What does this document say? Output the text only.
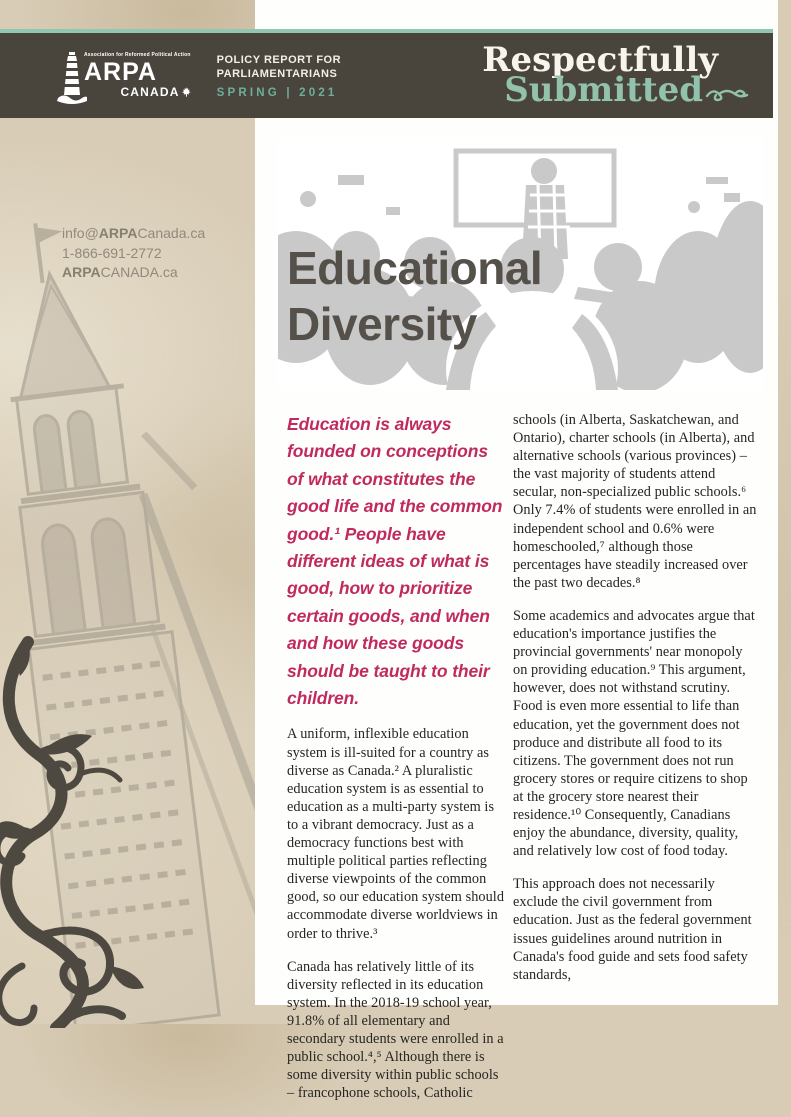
Association for Reformed Political Action
ARPA
CANADA
POLICY REPORT FOR
PARLIAMENTARIANS
SPRING | 2021
Respectfully
Submitted
info@ARPACanada.ca
1-866-691-2772
ARPACANADA.ca	Educational
Diversity

Education is always founded on conceptions of what constitutes the good life and the common good.¹ People have different ideas of what is good, how to prioritize certain goods, and when and how these goods should be taught to their children.

A uniform, inflexible education system is ill-suited for a country as diverse as Canada.² A pluralistic education system is as essential to education as a multi-party system is to a vibrant democracy. Just as a democracy functions best with multiple political parties reflecting diverse viewpoints of the common good, so our education system should accommodate diverse worldviews in order to thrive.³

Canada has relatively little of its diversity reflected in its education system. In the 2018-19 school year, 91.8% of all elementary and secondary students were enrolled in a public school.⁴,⁵ Although there is some diversity within public schools – francophone schools, Catholic

schools (in Alberta, Saskatchewan, and Ontario), charter schools (in Alberta), and alternative schools (various provinces) – the vast majority of students attend secular, non-specialized public schools.⁶ Only 7.4% of students were enrolled in an independent school and 0.6% were homeschooled,⁷ although those percentages have steadily increased over the past two decades.⁸

Some academics and advocates argue that education's importance justifies the provincial governments' near monopoly on providing education.⁹ This argument, however, does not withstand scrutiny. Food is even more essential to life than education, yet the government does not produce and distribute all food to its citizens. The government does not run grocery stores or require citizens to shop at the grocery store nearest their residence.¹⁰ Consequently, Canadians enjoy the abundance, diversity, quality, and relatively low cost of food today.

This approach does not necessarily exclude the civil government from education. Just as the federal government issues guidelines around nutrition in Canada's food guide and sets food safety standards,
